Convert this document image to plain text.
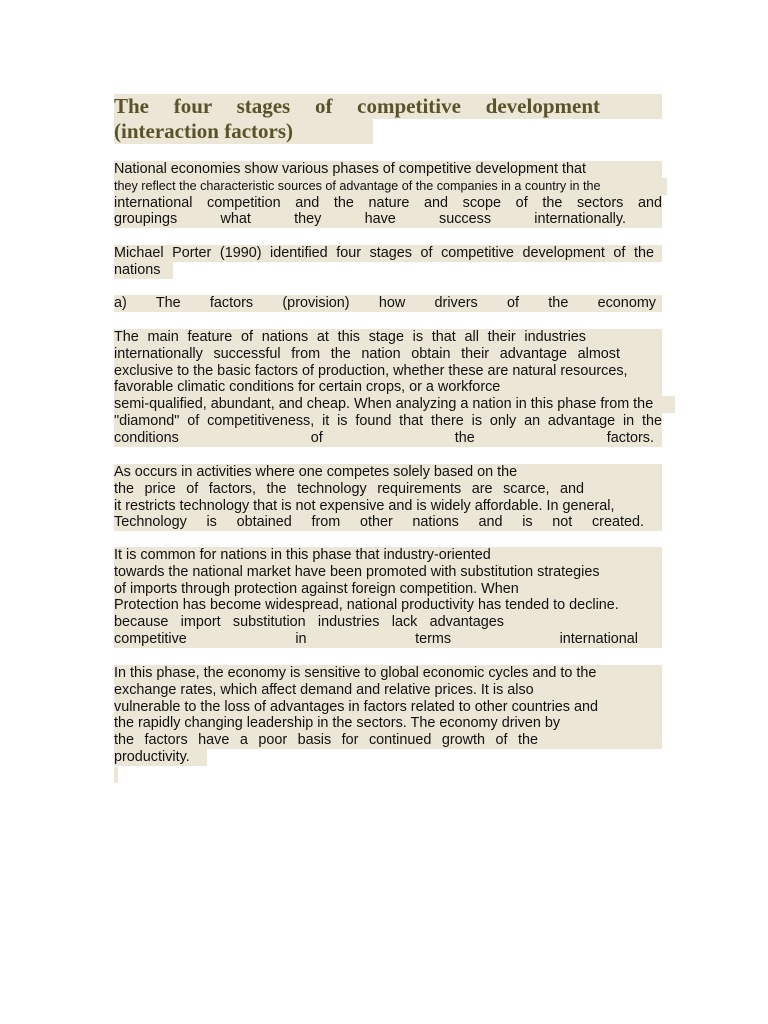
The four stages of competitive development
(interaction factors)
National economies show various phases of competitive development that
they reflect the characteristic sources of advantage of the companies in a country in the
international competition and the nature and scope of the sectors and
groupings what they have success internationally.
Michael Porter (1990) identified four stages of competitive development of the
nations
a) The factors (provision) how drivers of the economy
The main feature of nations at this stage is that all their industries
internationally successful from the nation obtain their advantage almost
exclusive to the basic factors of production, whether these are natural resources,
favorable climatic conditions for certain crops, or a workforce
semi-qualified, abundant, and cheap. When analyzing a nation in this phase from the
"diamond" of competitiveness, it is found that there is only an advantage in the
conditions of the factors.
As occurs in activities where one competes solely based on the
the price of factors, the technology requirements are scarce, and
it restricts technology that is not expensive and is widely affordable. In general,
Technology is obtained from other nations and is not created.
It is common for nations in this phase that industry-oriented
towards the national market have been promoted with substitution strategies
of imports through protection against foreign competition. When
Protection has become widespread, national productivity has tended to decline.
because import substitution industries lack advantages
competitive in terms international
In this phase, the economy is sensitive to global economic cycles and to the
exchange rates, which affect demand and relative prices. It is also
vulnerable to the loss of advantages in factors related to other countries and
the rapidly changing leadership in the sectors. The economy driven by
the factors have a poor basis for continued growth of the
productivity.
